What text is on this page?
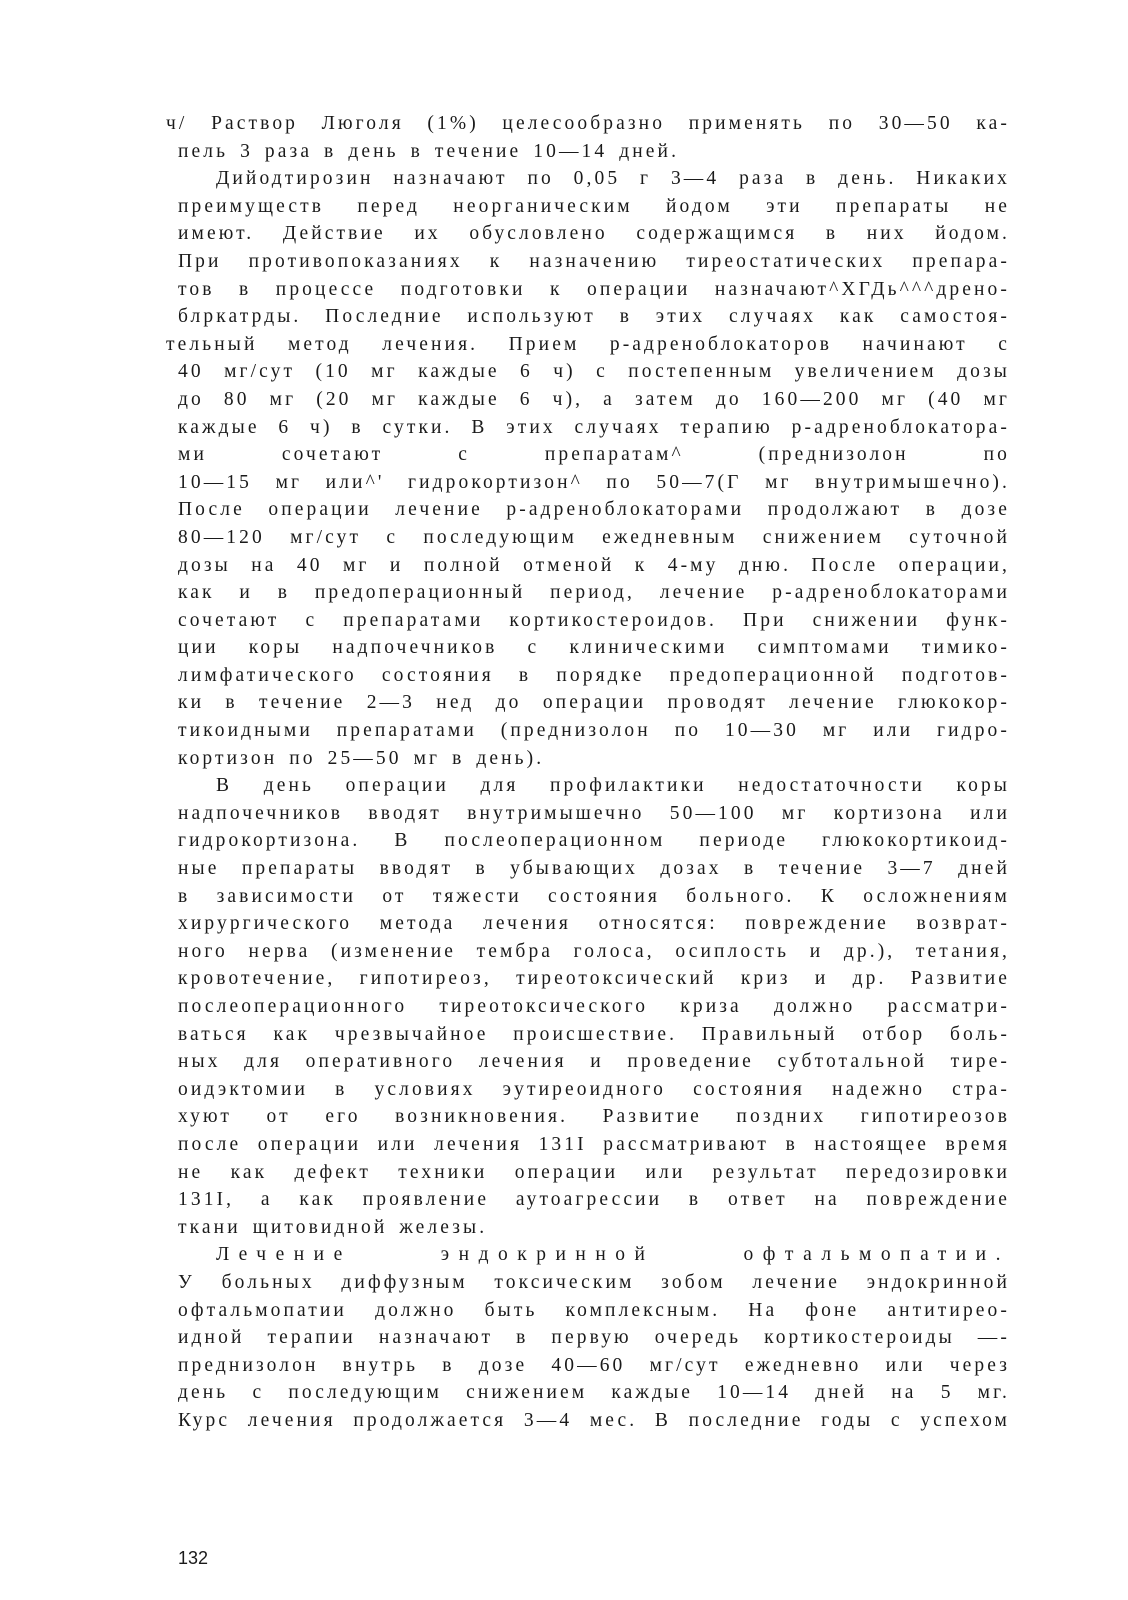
ч/ Раствор Люголя (1%) целесообразно применять по 30—50 ка-
пель 3 раза в день в течение 10—14 дней.
Дийодтирозин назначают по 0,05 г 3—4 раза в день. Никаких
преимуществ перед неорганическим йодом эти препараты не
имеют. Действие их обусловлено содержащимся в них йодом.
При противопоказаниях к назначению тиреостатических препара-
тов в процессе подготовки к операции назначают^ХГДь^^^дрено-
блркатрды. Последние используют в этих случаях как самостоя-
тельный метод лечения. Прием р-адреноблокаторов начинают с
40 мг/сут (10 мг каждые 6 ч) с постепенным увеличением дозы
до 80 мг (20 мг каждые 6 ч), а затем до 160—200 мг (40 мг
каждые 6 ч) в сутки. В этих случаях терапию р-адреноблокатора-
ми сочетают с препаратам^ (преднизолон по
10—15 мг или^' гидрокортизон^ по 50—7(Г мг внутримышечно).
После операции лечение р-адреноблокаторами продолжают в дозе
80—120 мг/сут с последующим ежедневным снижением суточной
дозы на 40 мг и полной отменой к 4-му дню. После операции,
как и в предоперационный период, лечение р-адреноблокаторами
сочетают с препаратами кортикостероидов. При снижении функ-
ции коры надпочечников с клиническими симптомами тимико-
лимфатического состояния в порядке предоперационной подготов-
ки в течение 2—3 нед до операции проводят лечение глюкокор-
тикоидными препаратами (преднизолон по 10—30 мг или гидро-
кортизон по 25—50 мг в день).
В день операции для профилактики недостаточности коры
надпочечников вводят внутримышечно 50—100 мг кортизона или
гидрокортизона. В послеоперационном периоде глюкокортикоид-
ные препараты вводят в убывающих дозах в течение 3—7 дней
в зависимости от тяжести состояния больного. К осложнениям
хирургического метода лечения относятся: повреждение возврат-
ного нерва (изменение тембра голоса, осиплость и др.), тетания,
кровотечение, гипотиреоз, тиреотоксический криз и др. Развитие
послеоперационного тиреотоксического криза должно рассматри-
ваться как чрезвычайное происшествие. Правильный отбор боль-
ных для оперативного лечения и проведение субтотальной тире-
оидэктомии в условиях эутиреоидного состояния надежно стра-
хуют от его возникновения. Развитие поздних гипотиреозов
после операции или лечения 131I рассматривают в настоящее время
не как дефект техники операции или результат передозировки
131I, а как проявление аутоагрессии в ответ на повреждение
ткани щитовидной железы.
Лечение эндокринной офтальмопатии.
У больных диффузным токсическим зобом лечение эндокринной
офтальмопатии должно быть комплексным. На фоне антитирео-
идной терапии назначают в первую очередь кортикостероиды —-
преднизолон внутрь в дозе 40—60 мг/сут ежедневно или через
день с последующим снижением каждые 10—14 дней на 5 мг.
Курс лечения продолжается 3—4 мес. В последние годы с успехом
132
